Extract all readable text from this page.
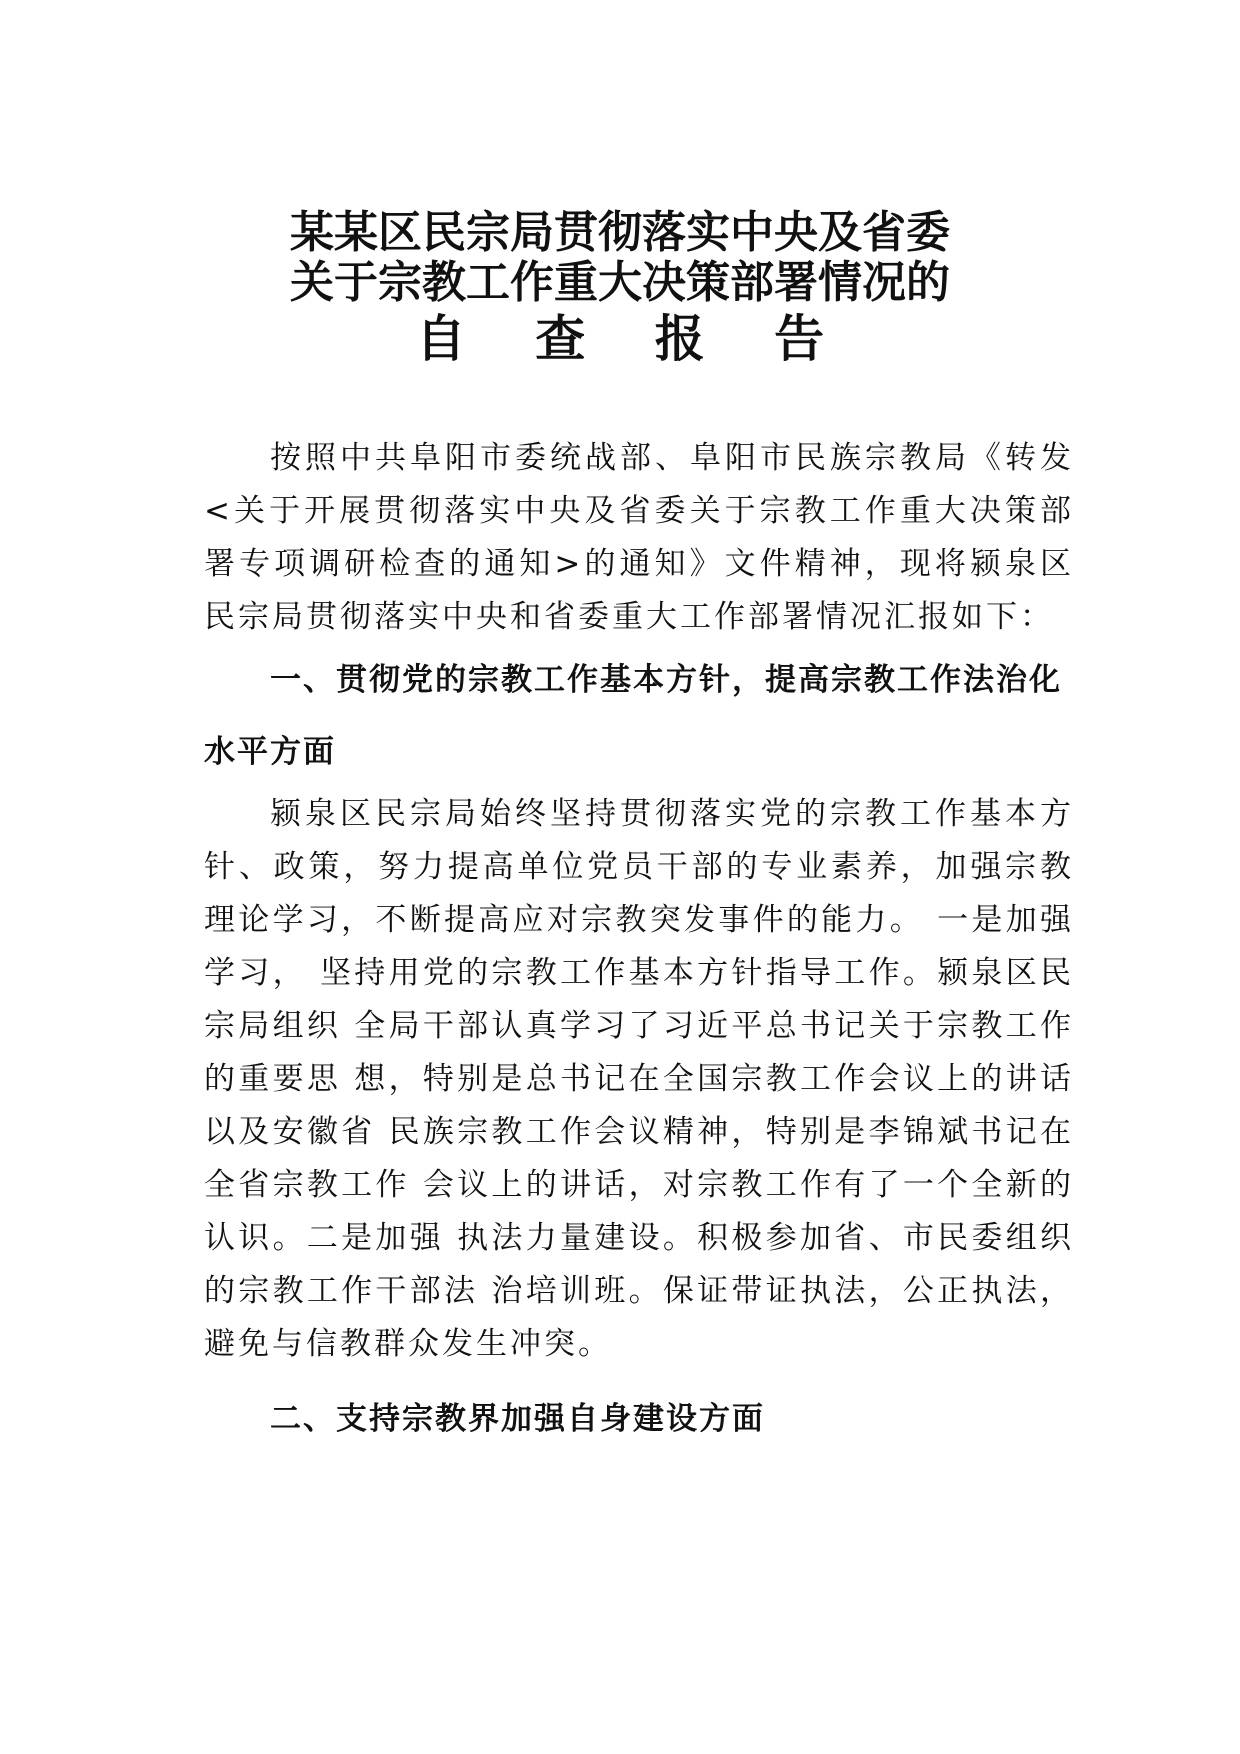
某某区民宗局贯彻落实中央及省委

关于宗教工作重大决策部署情况的

自 查 报 告

按照中共阜阳市委统战部、阜阳市民族宗教局《转发<关于开展贯彻落实中央及省委关于宗教工作重大决策部署专项调研检查的通知>的通知》文件精神，现将颍泉区民宗局贯彻落实中央和省委重大工作部署情况汇报如下：

一、贯彻党的宗教工作基本方针，提高宗教工作法治化水平方面

颍泉区民宗局始终坚持贯彻落实党的宗教工作基本方针、政策，努力提高单位党员干部的专业素养，加强宗教理论学习，不断提高应对宗教突发事件的能力。 一是加强学习， 坚持用党的宗教工作基本方针指导工作。颍泉区民宗局组织 全局干部认真学习了习近平总书记关于宗教工作的重要思 想，特别是总书记在全国宗教工作会议上的讲话以及安徽省 民族宗教工作会议精神，特别是李锦斌书记在全省宗教工作 会议上的讲话，对宗教工作有了一个全新的认识。二是加强 执法力量建设。积极参加省、市民委组织的宗教工作干部法 治培训班。保证带证执法，公正执法，避免与信教群众发生冲突。

二、支持宗教界加强自身建设方面
